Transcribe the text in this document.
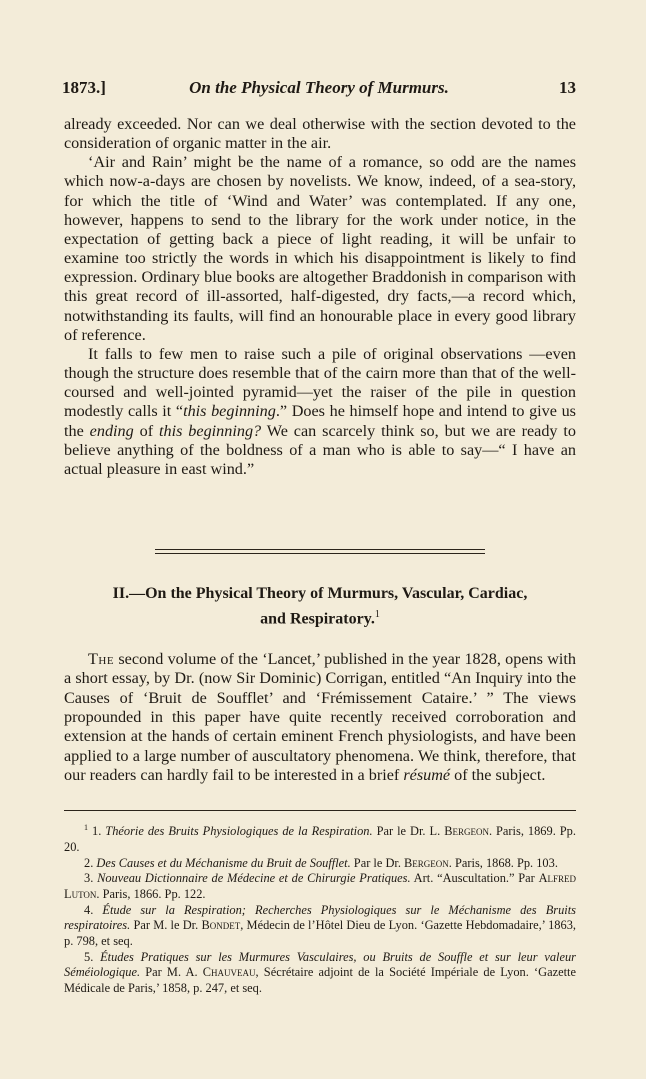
1873.]	On the Physical Theory of Murmurs.	13

already exceeded. Nor can we deal otherwise with the section devoted to the consideration of organic matter in the air.

‘Air and Rain’ might be the name of a romance, so odd are the names which now-a-days are chosen by novelists. We know, indeed, of a sea-story, for which the title of ‘Wind and Water’ was contemplated. If any one, however, happens to send to the library for the work under notice, in the expectation of getting back a piece of light reading, it will be unfair to examine too strictly the words in which his disappointment is likely to find expression. Ordinary blue books are altogether Braddonish in comparison with this great record of ill-assorted, half-digested, dry facts,—a record which, notwithstanding its faults, will find an honourable place in every good library of reference.

It falls to few men to raise such a pile of original observations —even though the structure does resemble that of the cairn more than that of the well-coursed and well-jointed pyramid—yet the raiser of the pile in question modestly calls it “this beginning.” Does he himself hope and intend to give us the ending of this beginning? We can scarcely think so, but we are ready to believe anything of the boldness of a man who is able to say—“ I have an actual pleasure in east wind.”

II.—On the Physical Theory of Murmurs, Vascular, Cardiac,
and Respiratory.$^1$

The second volume of the ‘Lancet,’ published in the year 1828, opens with a short essay, by Dr. (now Sir Dominic) Corrigan, entitled “An Inquiry into the Causes of ‘Bruit de Soufflet’ and ‘Frémissement Cataire.’ ” The views propounded in this paper have quite recently received corroboration and extension at the hands of certain eminent French physiologists, and have been applied to a large number of auscultatory phenomena. We think, therefore, that our readers can hardly fail to be interested in a brief résumé of the subject.

$^1$ 1. Théorie des Bruits Physiologiques de la Respiration. Par le Dr. L. Bergeon. Paris, 1869. Pp. 20.

2. Des Causes et du Méchanisme du Bruit de Soufflet. Par le Dr. Bergeon. Paris, 1868. Pp. 103.

3. Nouveau Dictionnaire de Médecine et de Chirurgie Pratiques. Art. “Auscultation.” Par Alfred Luton. Paris, 1866. Pp. 122.

4. Étude sur la Respiration; Recherches Physiologiques sur le Méchanisme des Bruits respiratoires. Par M. le Dr. Bondet, Médecin de l’Hôtel Dieu de Lyon. ‘Gazette Hebdomadaire,’ 1863, p. 798, et seq.

5. Études Pratiques sur les Murmures Vasculaires, ou Bruits de Souffle et sur leur valeur Séméiologique. Par M. A. Chauveau, Sécrétaire adjoint de la Société Impériale de Lyon. ‘Gazette Médicale de Paris,’ 1858, p. 247, et seq.
